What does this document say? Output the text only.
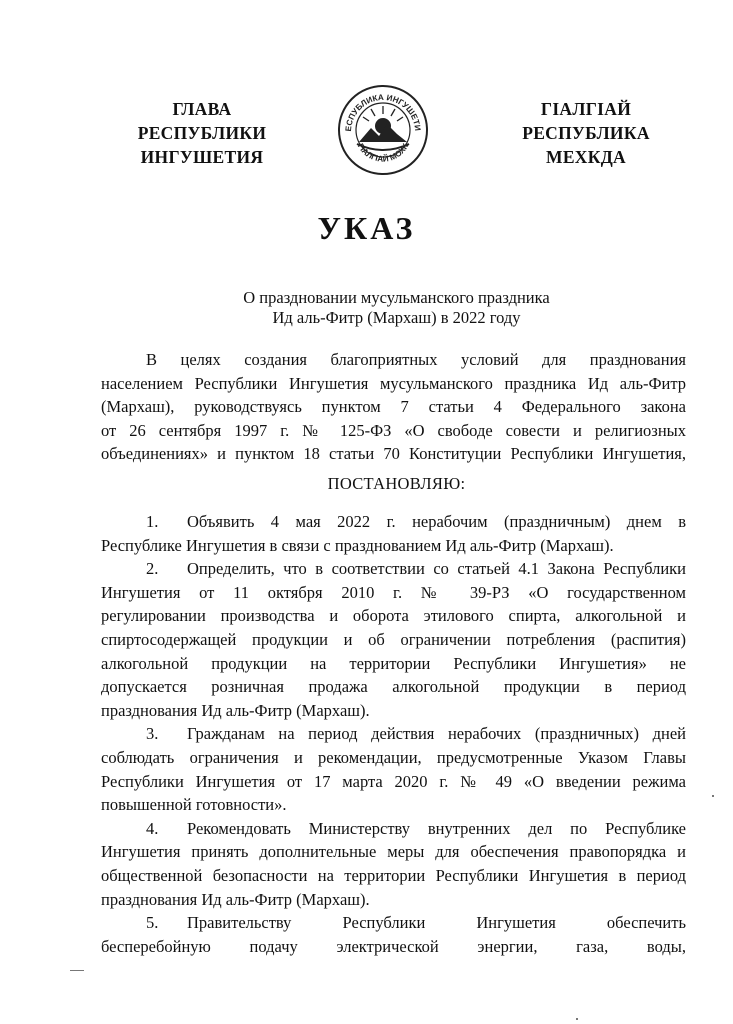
ГЛАВА
РЕСПУБЛИКИ
ИНГУШЕТИЯ
ЕСПУБЛИКА ИНГУШЕТИ
ГIАЛГIАЙ МОХК
ГIАЛГIАЙ
РЕСПУБЛИКА
МЕХКДА
УКАЗ
О праздновании мусульманского праздника
Ид аль-Фитр (Мархаш) в 2022 году
В целях создания благоприятных условий для празднования
населением Республики Ингушетия мусульманского праздника Ид аль-Фитр
(Мархаш), руководствуясь пунктом 7 статьи 4 Федерального закона
от 26 сентября 1997 г. № 125-ФЗ «О свободе совести и религиозных
объединениях» и пунктом 18 статьи 70 Конституции Республики Ингушетия,
ПОСТАНОВЛЯЮ:
1. Объявить 4 мая 2022 г. нерабочим (праздничным) днем в
Республике Ингушетия в связи с празднованием Ид аль-Фитр (Мархаш).
2. Определить, что в соответствии со статьей 4.1 Закона Республики
Ингушетия от 11 октября 2010 г. № 39-РЗ «О государственном
регулировании производства и оборота этилового спирта, алкогольной и
спиртосодержащей продукции и об ограничении потребления (распития)
алкогольной продукции на территории Республики Ингушетия» не
допускается розничная продажа алкогольной продукции в период
празднования Ид аль-Фитр (Мархаш).
3. Гражданам на период действия нерабочих (праздничных) дней
соблюдать ограничения и рекомендации, предусмотренные Указом Главы
Республики Ингушетия от 17 марта 2020 г. № 49 «О введении режима
повышенной готовности».
4. Рекомендовать Министерству внутренних дел по Республике
Ингушетия принять дополнительные меры для обеспечения правопорядка и
общественной безопасности на территории Республики Ингушетия в период
празднования Ид аль-Фитр (Мархаш).
5. Правительству Республики Ингушетия обеспечить
бесперебойную подачу электрической энергии, газа, воды,
